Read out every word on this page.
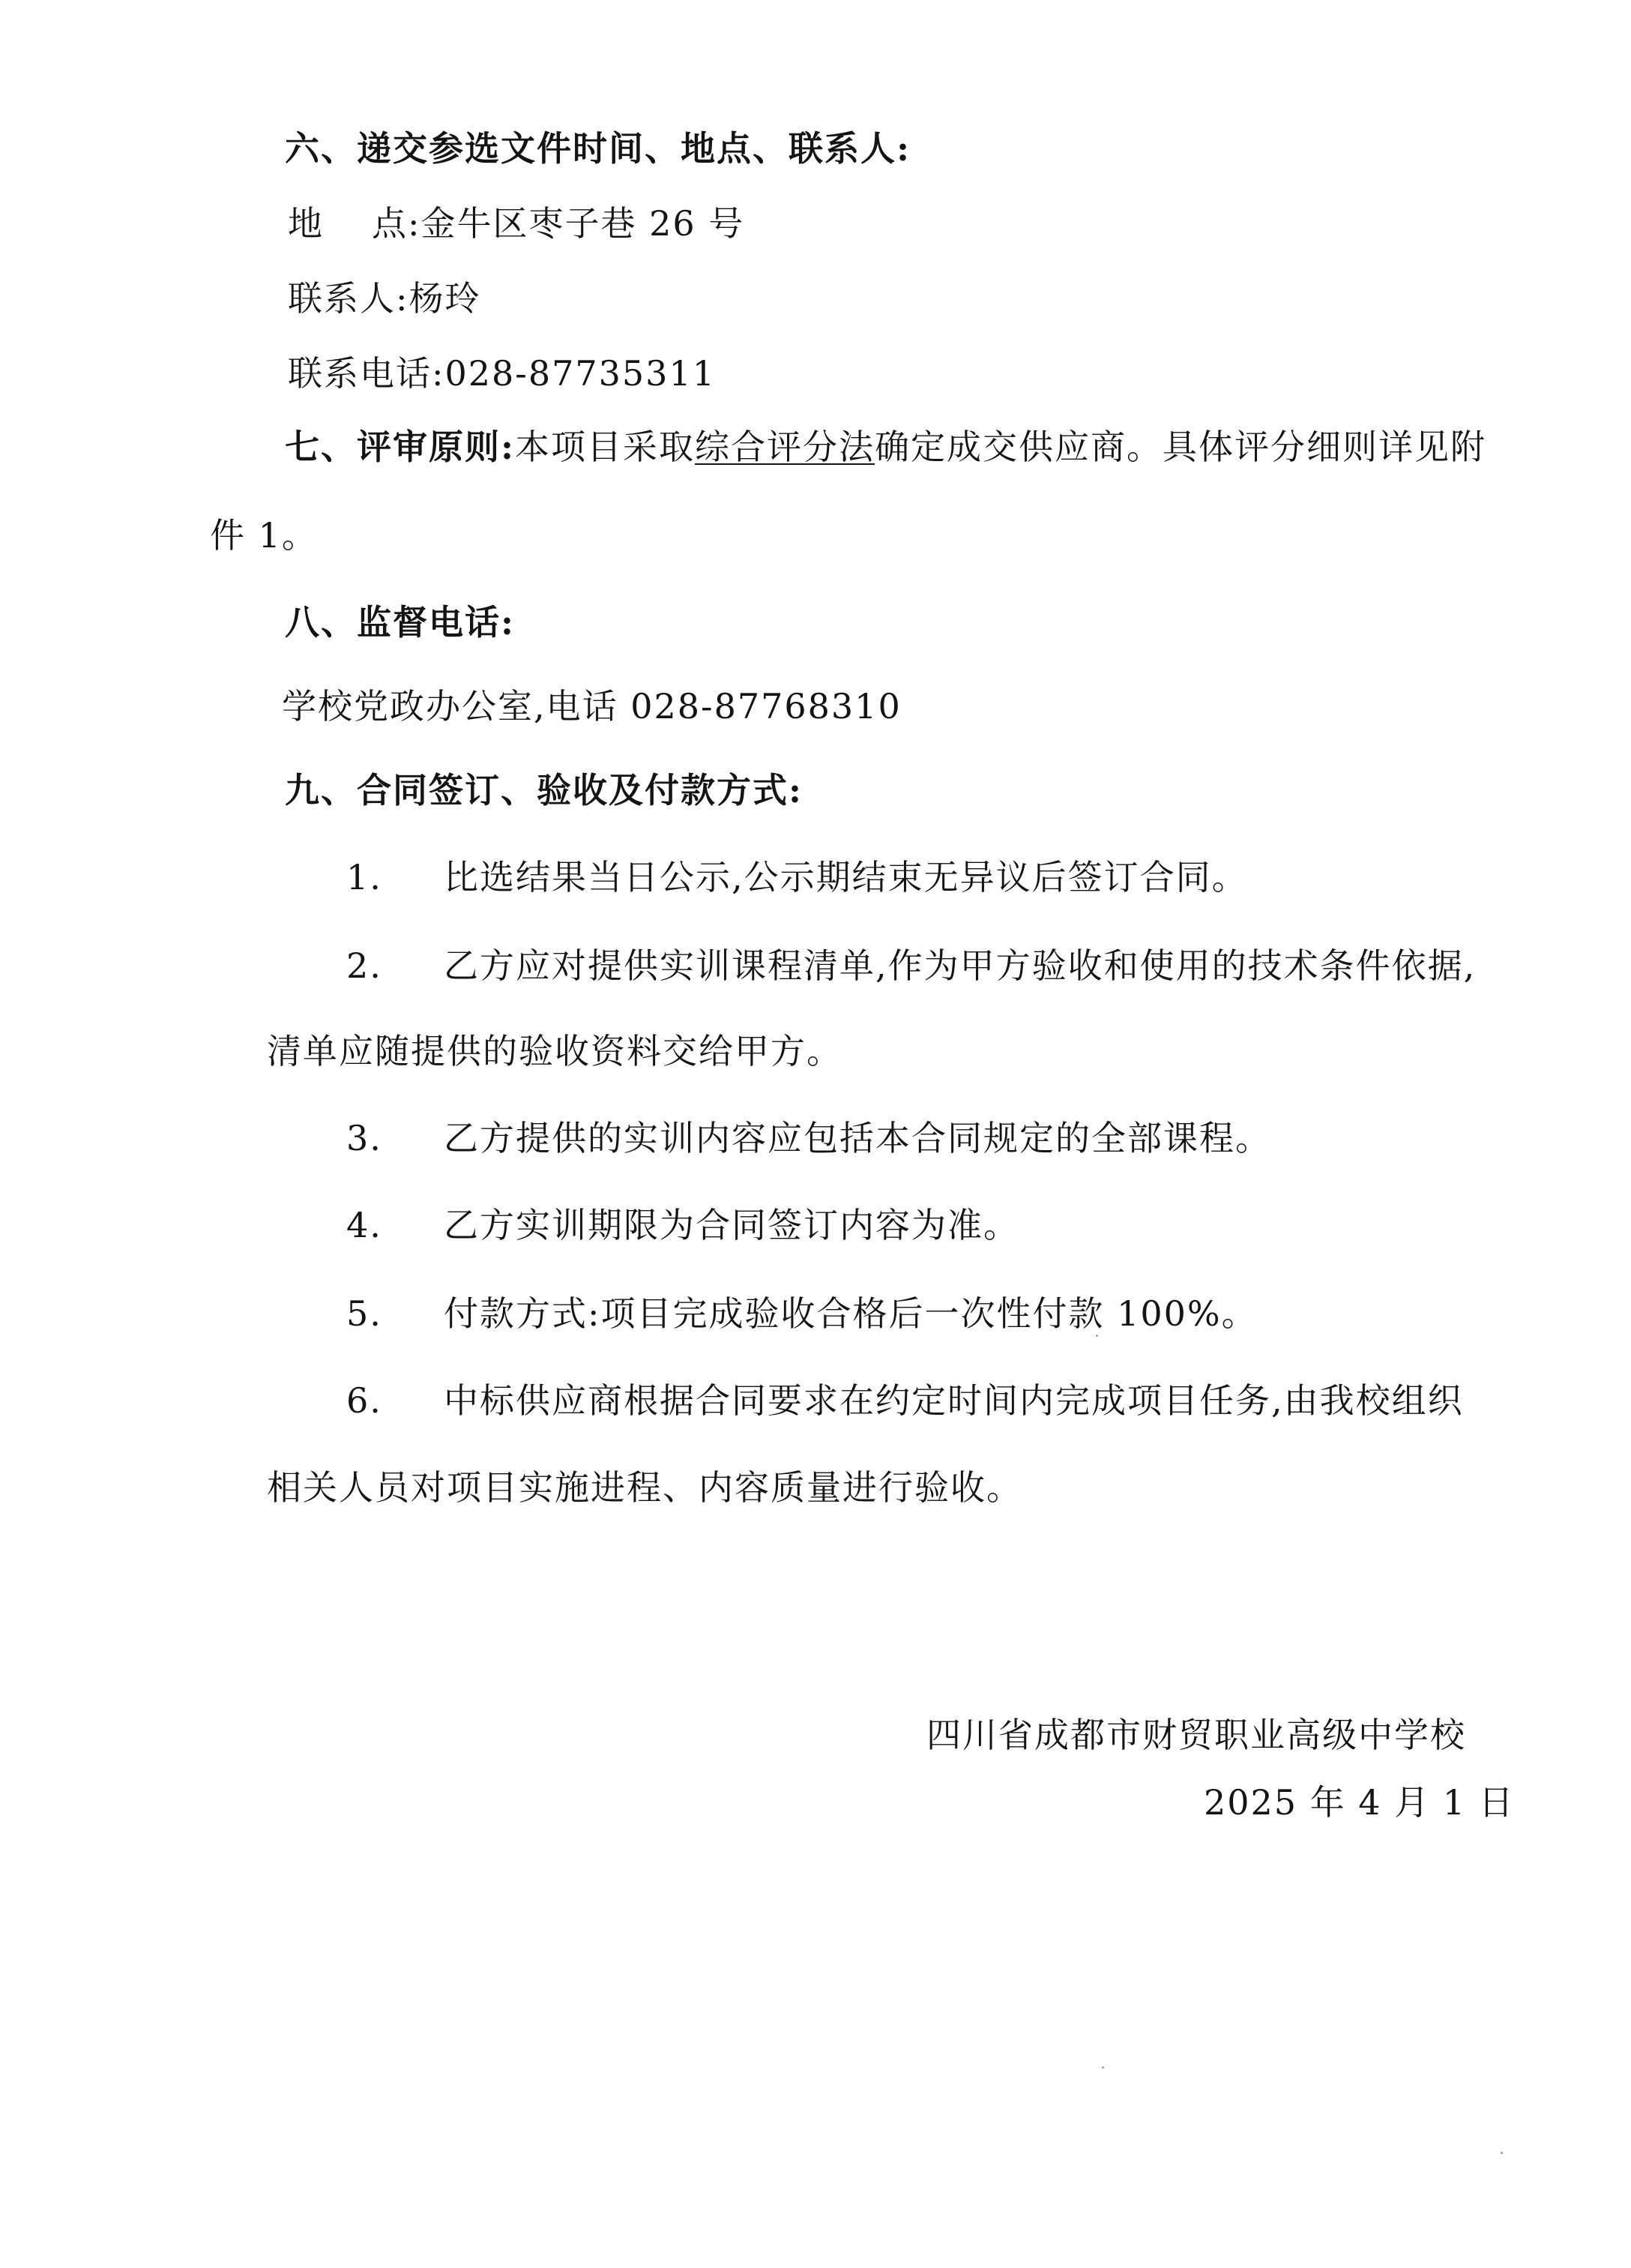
六、递交参选文件时间、地点、联系人:
地 点:金牛区枣子巷 26 号
联系人:杨玲
联系电话:028-87735311
七、评审原则:本项目采取综合评分法确定成交供应商。具体评分细则详见附
件 1。
八、监督电话:
学校党政办公室,电话 028-87768310
九、合同签订、验收及付款方式:
1. 比选结果当日公示,公示期结束无异议后签订合同。
2. 乙方应对提供实训课程清单,作为甲方验收和使用的技术条件依据,
清单应随提供的验收资料交给甲方。
3. 乙方提供的实训内容应包括本合同规定的全部课程。
4. 乙方实训期限为合同签订内容为准。
5. 付款方式:项目完成验收合格后一次性付款 100%。
6. 中标供应商根据合同要求在约定时间内完成项目任务,由我校组织
相关人员对项目实施进程、内容质量进行验收。
四川省成都市财贸职业高级中学校
2025 年 4 月 1 日
